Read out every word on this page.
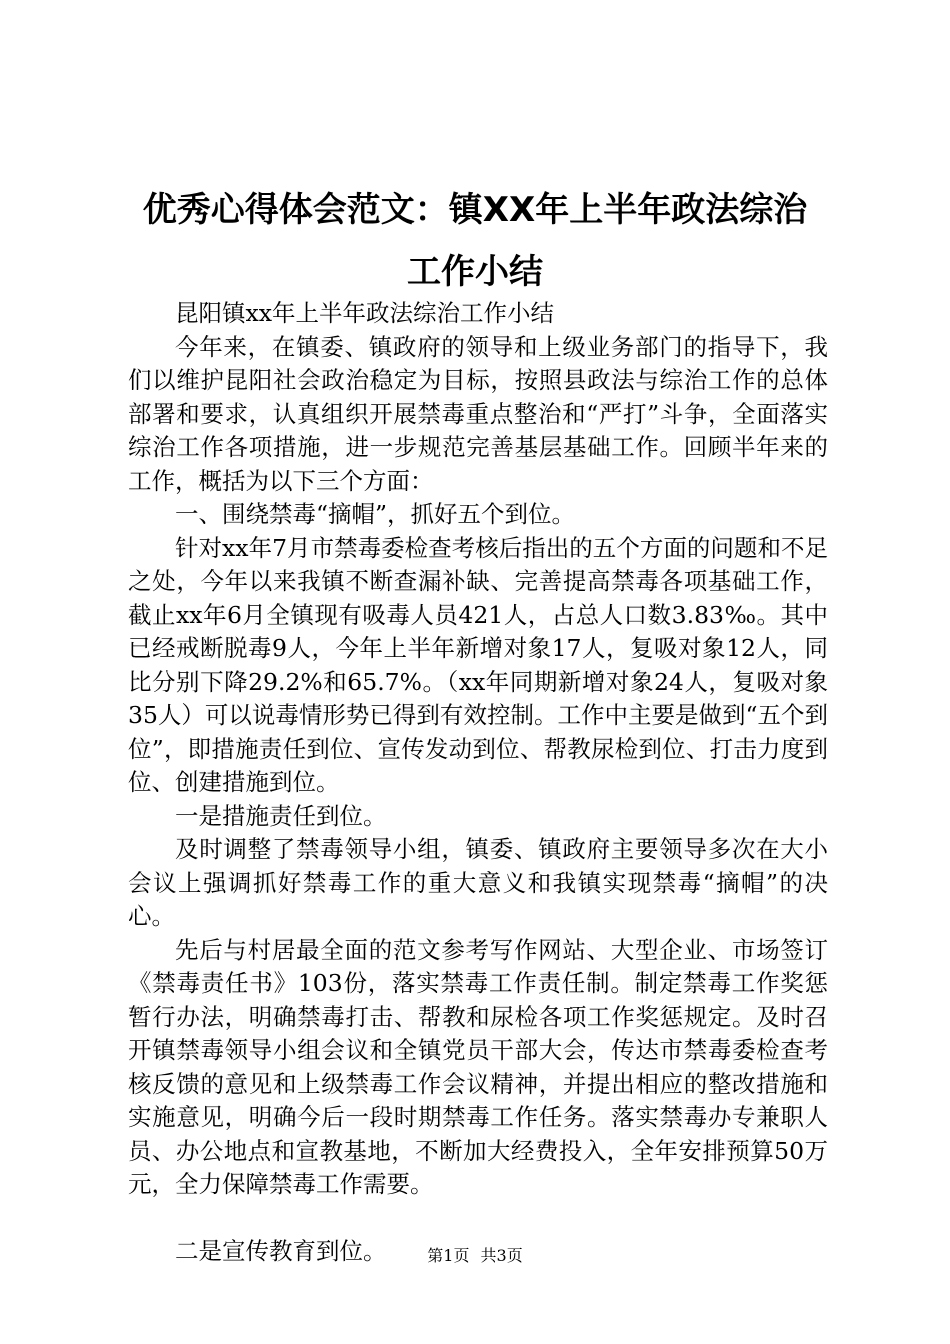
优秀心得体会范文：镇XX年上半年政法综治
工作小结

昆阳镇xx年上半年政法综治工作小结

今年来，在镇委、镇政府的领导和上级业务部门的指导下，我们以维护昆阳社会政治稳定为目标，按照县政法与综治工作的总体部署和要求，认真组织开展禁毒重点整治和“严打”斗争，全面落实综治工作各项措施，进一步规范完善基层基础工作。回顾半年来的工作，概括为以下三个方面：

一、围绕禁毒“摘帽”，抓好五个到位。

针对xx年7月市禁毒委检查考核后指出的五个方面的问题和不足之处，今年以来我镇不断查漏补缺、完善提高禁毒各项基础工作，截止xx年6月全镇现有吸毒人员421人，占总人口数3.83‰。其中已经戒断脱毒9人，今年上半年新增对象17人，复吸对象12人，同比分别下降29.2%和65.7%。（xx年同期新增对象24人，复吸对象35人）可以说毒情形势已得到有效控制。工作中主要是做到“五个到位”，即措施责任到位、宣传发动到位、帮教尿检到位、打击力度到位、创建措施到位。

一是措施责任到位。

及时调整了禁毒领导小组，镇委、镇政府主要领导多次在大小会议上强调抓好禁毒工作的重大意义和我镇实现禁毒“摘帽”的决心。

先后与村居最全面的范文参考写作网站、大型企业、市场签订《禁毒责任书》103份，落实禁毒工作责任制。制定禁毒工作奖惩暂行办法，明确禁毒打击、帮教和尿检各项工作奖惩规定。及时召开镇禁毒领导小组会议和全镇党员干部大会，传达市禁毒委检查考核反馈的意见和上级禁毒工作会议精神，并提出相应的整改措施和实施意见，明确今后一段时期禁毒工作任务。落实禁毒办专兼职人员、办公地点和宣教基地，不断加大经费投入，全年安排预算50万元，全力保障禁毒工作需要。

二是宣传教育到位。	第1页 共3页
